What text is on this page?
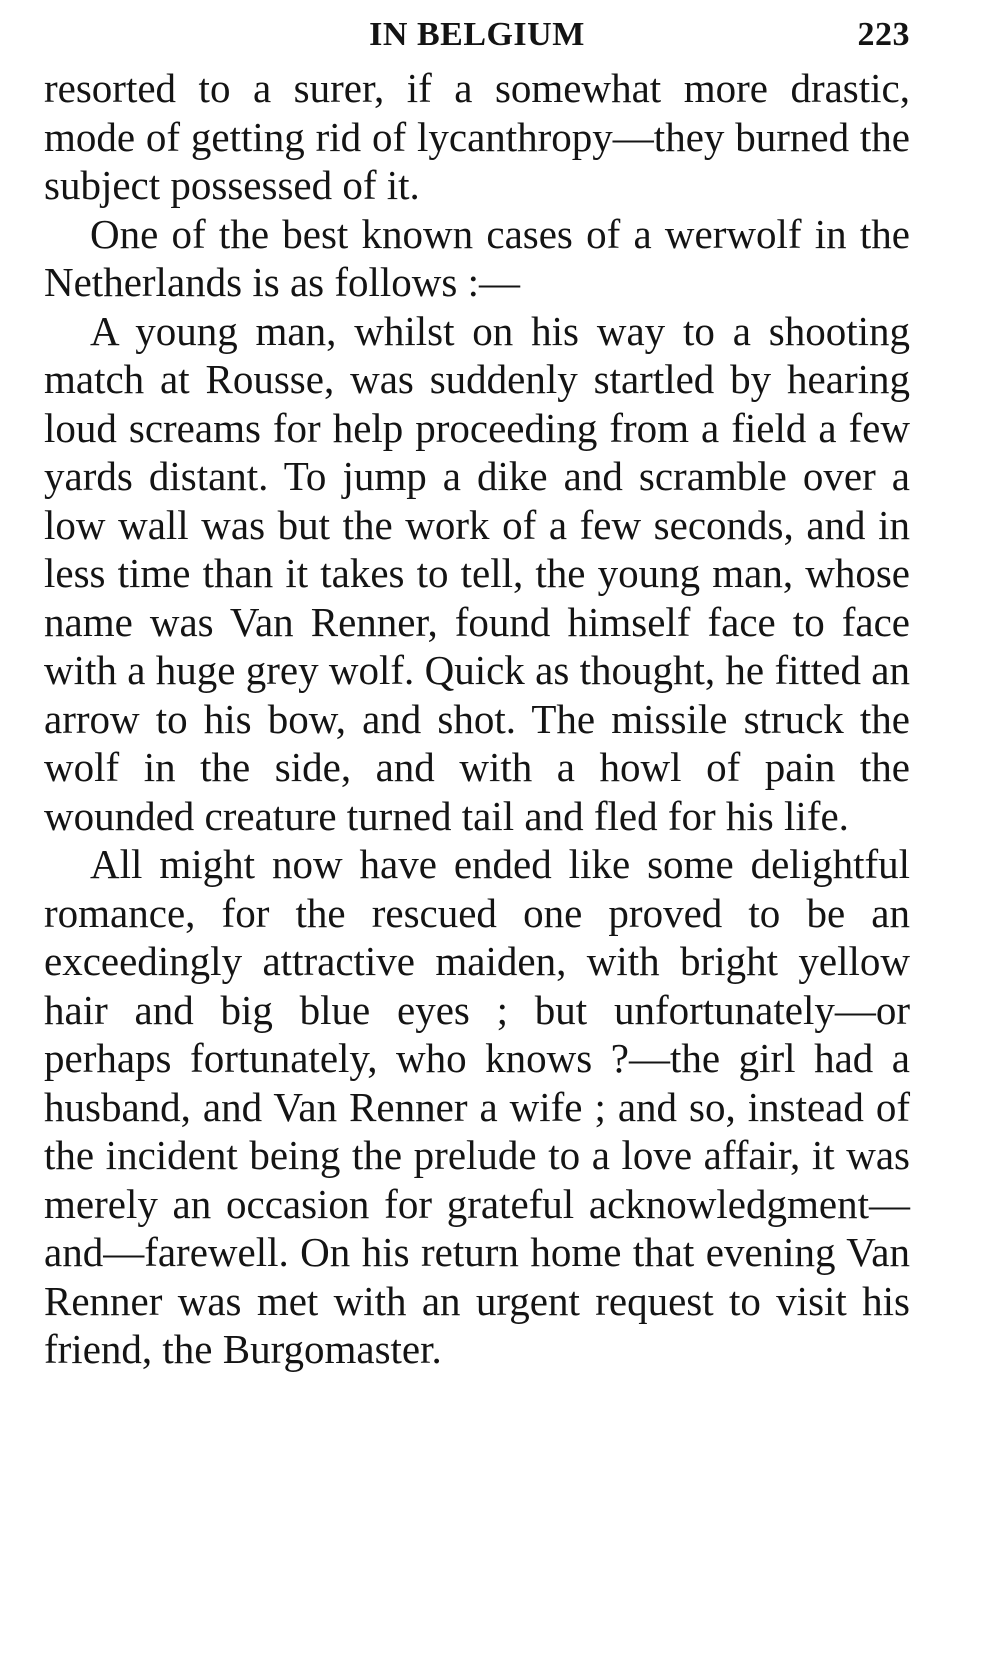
IN BELGIUM	223

resorted to a surer, if a somewhat more drastic, mode of getting rid of lycanthropy—they burned the subject possessed of it.

One of the best known cases of a werwolf in the Netherlands is as follows :—

A young man, whilst on his way to a shooting match at Rousse, was suddenly startled by hearing loud screams for help proceeding from a field a few yards distant. To jump a dike and scramble over a low wall was but the work of a few seconds, and in less time than it takes to tell, the young man, whose name was Van Renner, found himself face to face with a huge grey wolf. Quick as thought, he fitted an arrow to his bow, and shot. The missile struck the wolf in the side, and with a howl of pain the wounded creature turned tail and fled for his life.

All might now have ended like some delightful romance, for the rescued one proved to be an exceedingly attractive maiden, with bright yellow hair and big blue eyes ; but unfortunately—or perhaps fortunately, who knows ?—the girl had a husband, and Van Renner a wife ; and so, instead of the incident being the prelude to a love affair, it was merely an occasion for grateful acknowledgment—and—farewell. On his return home that evening Van Renner was met with an urgent request to visit his friend, the Burgomaster.
